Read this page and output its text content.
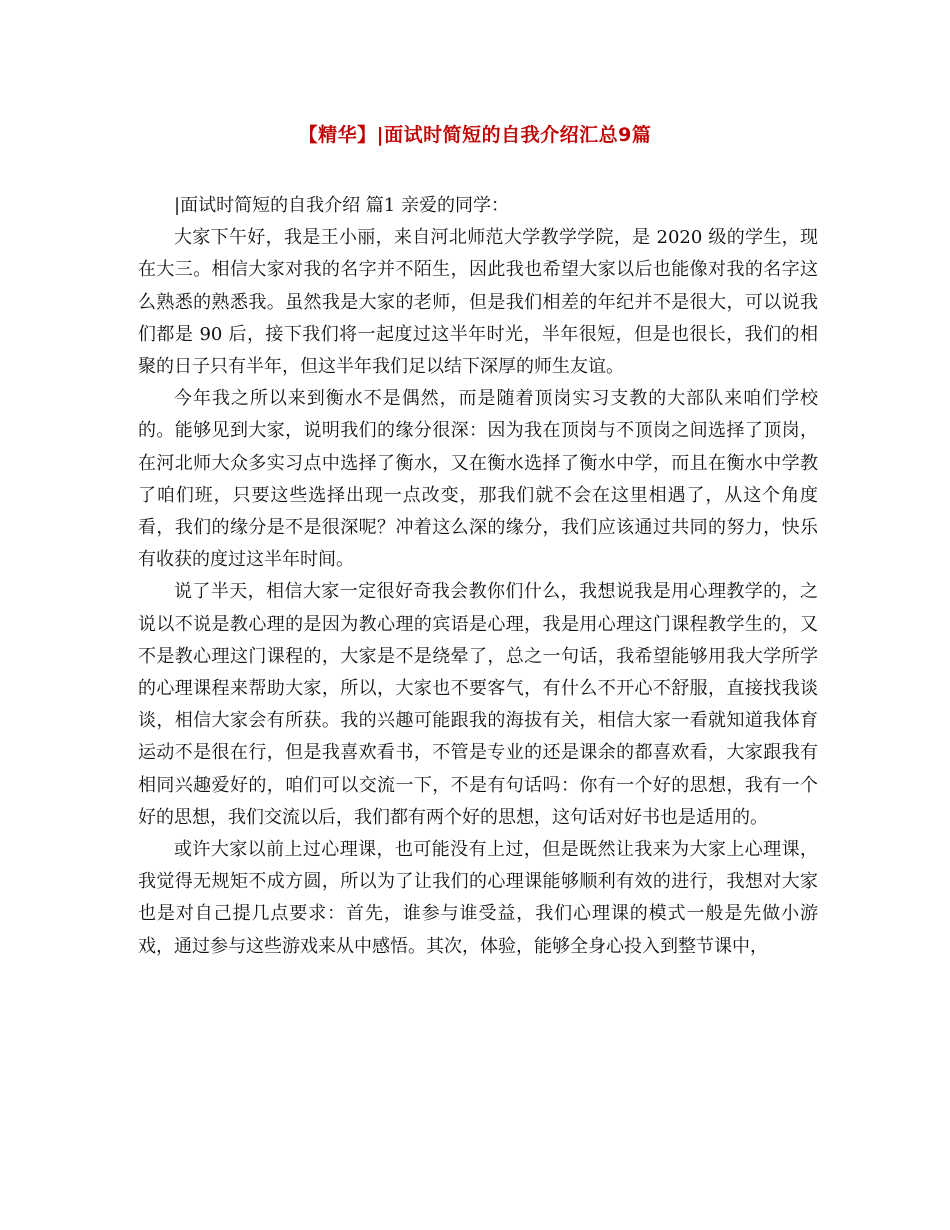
【精华】|面试时简短的自我介绍汇总9篇

|面试时简短的自我介绍 篇1 亲爱的同学：

大家下午好，我是王小丽，来自河北师范大学教学学院，是 2020 级的学生，现在大三。相信大家对我的名字并不陌生，因此我也希望大家以后也能像对我的名字这么熟悉的熟悉我。虽然我是大家的老师，但是我们相差的年纪并不是很大，可以说我们都是 90 后，接下我们将一起度过这半年时光，半年很短，但是也很长，我们的相聚的日子只有半年，但这半年我们足以结下深厚的师生友谊。

今年我之所以来到衡水不是偶然，而是随着顶岗实习支教的大部队来咱们学校的。能够见到大家，说明我们的缘分很深：因为我在顶岗与不顶岗之间选择了顶岗，在河北师大众多实习点中选择了衡水，又在衡水选择了衡水中学，而且在衡水中学教了咱们班，只要这些选择出现一点改变，那我们就不会在这里相遇了，从这个角度看，我们的缘分是不是很深呢？冲着这么深的缘分，我们应该通过共同的努力，快乐有收获的度过这半年时间。

说了半天，相信大家一定很好奇我会教你们什么，我想说我是用心理教学的，之说以不说是教心理的是因为教心理的宾语是心理，我是用心理这门课程教学生的，又不是教心理这门课程的，大家是不是绕晕了，总之一句话，我希望能够用我大学所学的心理课程来帮助大家，所以，大家也不要客气，有什么不开心不舒服，直接找我谈谈，相信大家会有所获。我的兴趣可能跟我的海拔有关，相信大家一看就知道我体育运动不是很在行，但是我喜欢看书，不管是专业的还是课余的都喜欢看，大家跟我有相同兴趣爱好的，咱们可以交流一下，不是有句话吗：你有一个好的思想，我有一个好的思想，我们交流以后，我们都有两个好的思想，这句话对好书也是适用的。

或许大家以前上过心理课，也可能没有上过，但是既然让我来为大家上心理课，我觉得无规矩不成方圆，所以为了让我们的心理课能够顺利有效的进行，我想对大家也是对自己提几点要求：首先，谁参与谁受益，我们心理课的模式一般是先做小游戏，通过参与这些游戏来从中感悟。其次，体验，能够全身心投入到整节课中，
